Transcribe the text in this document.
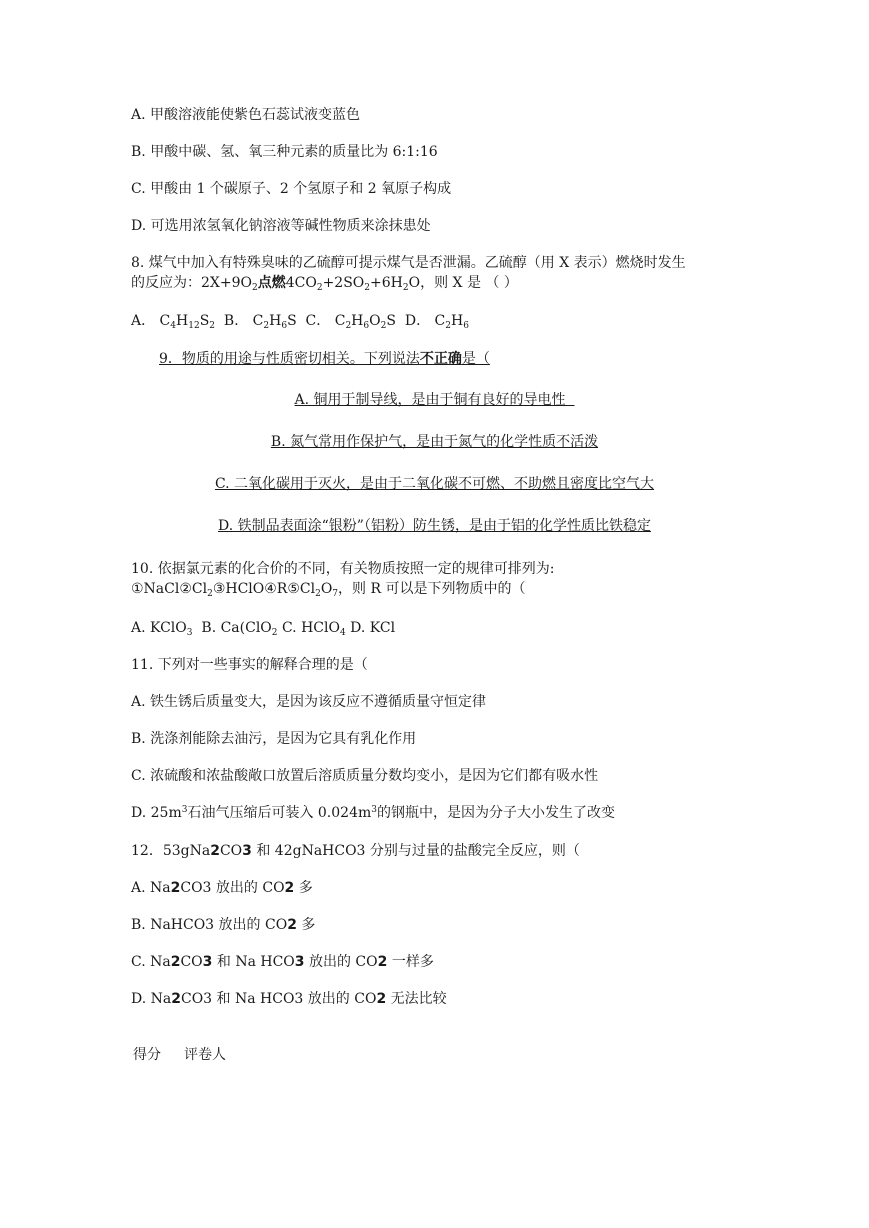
A. 甲酸溶液能使紫色石蕊试液变蓝色
B. 甲酸中碳、氢、氧三种元素的质量比为 6:1:16
C. 甲酸由 1 个碳原子、2 个氢原子和 2 氧原子构成
D. 可选用浓氢氧化钠溶液等碱性物质来涂抹患处
8. 煤气中加入有特殊臭味的乙硫醇可提示煤气是否泄漏。乙硫醇（用 X 表示）燃烧时发生
的反应为：$2X+9O_2$点燃$4CO_2+2SO_2+6H_2O$，则 X 是 （ ）
A． $C_4H_{12}S_2$  B． $C_2H_6S$  C． $C_2H_6O_2S$  D． $C_2H_6$
9．物质的用途与性质密切相关。下列说法不正确是（
A. 铜用于制导线，是由于铜有良好的导电性
B. 氮气常用作保护气，是由于氮气的化学性质不活泼
C. 二氧化碳用于灭火，是由于二氧化碳不可燃、不助燃且密度比空气大
D. 铁制品表面涂“银粉”（铝粉）防生锈，是由于铝的化学性质比铁稳定
10. 依据氯元素的化合价的不同，有关物质按照一定的规律可排列为:
$①NaCl②Cl_2③HClO④R⑤Cl_2O_7$，则 R 可以是下列物质中的（
A. KClO$_3$  B. Ca(ClO$_2$ C. HClO$_4$ D. KCl
11. 下列对一些事实的解释合理的是（
A. 铁生锈后质量变大，是因为该反应不遵循质量守恒定律
B. 洗涤剂能除去油污，是因为它具有乳化作用
C. 浓硫酸和浓盐酸敞口放置后溶质质量分数均变小，是因为它们都有吸水性
D. $25m^3$石油气压缩后可装入 $0.024m^3$的钢瓶中，是因为分子大小发生了改变
12．53gNa2CO3 和 42gNaHCO3 分别与过量的盐酸完全反应，则（
A. Na2CO3 放出的 CO2 多
B. NaHCO3 放出的 CO2 多
C. Na2CO3 和 Na HCO3 放出的 CO2 一样多
D. Na2CO3 和 Na HCO3 放出的 CO2 无法比较
得分 评卷人
